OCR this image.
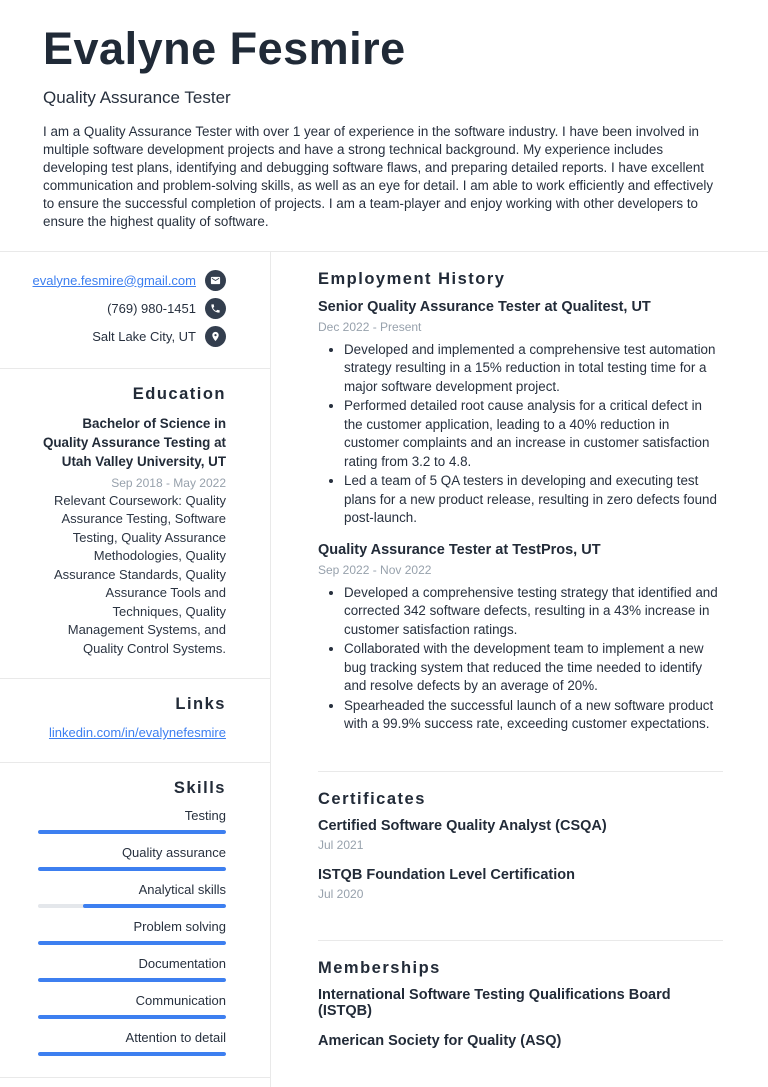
Evalyne Fesmire
Quality Assurance Tester

I am a Quality Assurance Tester with over 1 year of experience in the software industry. I have been involved in multiple software development projects and have a strong technical background. My experience includes developing test plans, identifying and debugging software flaws, and preparing detailed reports. I have excellent communication and problem-solving skills, as well as an eye for detail. I am able to work efficiently and effectively to ensure the successful completion of projects. I am a team-player and enjoy working with other developers to ensure the highest quality of software.

evalyne.fesmire@gmail.com
(769) 980-1451
Salt Lake City, UT
Education
Bachelor of Science in Quality Assurance Testing at Utah Valley University, UT
Sep 2018 - May 2022
Relevant Coursework: Quality Assurance Testing, Software Testing, Quality Assurance Methodologies, Quality Assurance Standards, Quality Assurance Tools and Techniques, Quality Management Systems, and Quality Control Systems.
Links
linkedin.com/in/evalynefesmire
Skills
Testing
Quality assurance
Analytical skills
Problem solving
Documentation
Communication
Attention to detail
Employment History
Senior Quality Assurance Tester at Qualitest, UT
Dec 2022 - Present
• Developed and implemented a comprehensive test automation strategy resulting in a 15% reduction in total testing time for a major software development project.
• Performed detailed root cause analysis for a critical defect in the customer application, leading to a 40% reduction in customer complaints and an increase in customer satisfaction rating from 3.2 to 4.8.
• Led a team of 5 QA testers in developing and executing test plans for a new product release, resulting in zero defects found post-launch.
Quality Assurance Tester at TestPros, UT
Sep 2022 - Nov 2022
• Developed a comprehensive testing strategy that identified and corrected 342 software defects, resulting in a 43% increase in customer satisfaction ratings.
• Collaborated with the development team to implement a new bug tracking system that reduced the time needed to identify and resolve defects by an average of 20%.
• Spearheaded the successful launch of a new software product with a 99.9% success rate, exceeding customer expectations.
Certificates
Certified Software Quality Analyst (CSQA)
Jul 2021
ISTQB Foundation Level Certification
Jul 2020
Memberships
International Software Testing Qualifications Board (ISTQB)
American Society for Quality (ASQ)
